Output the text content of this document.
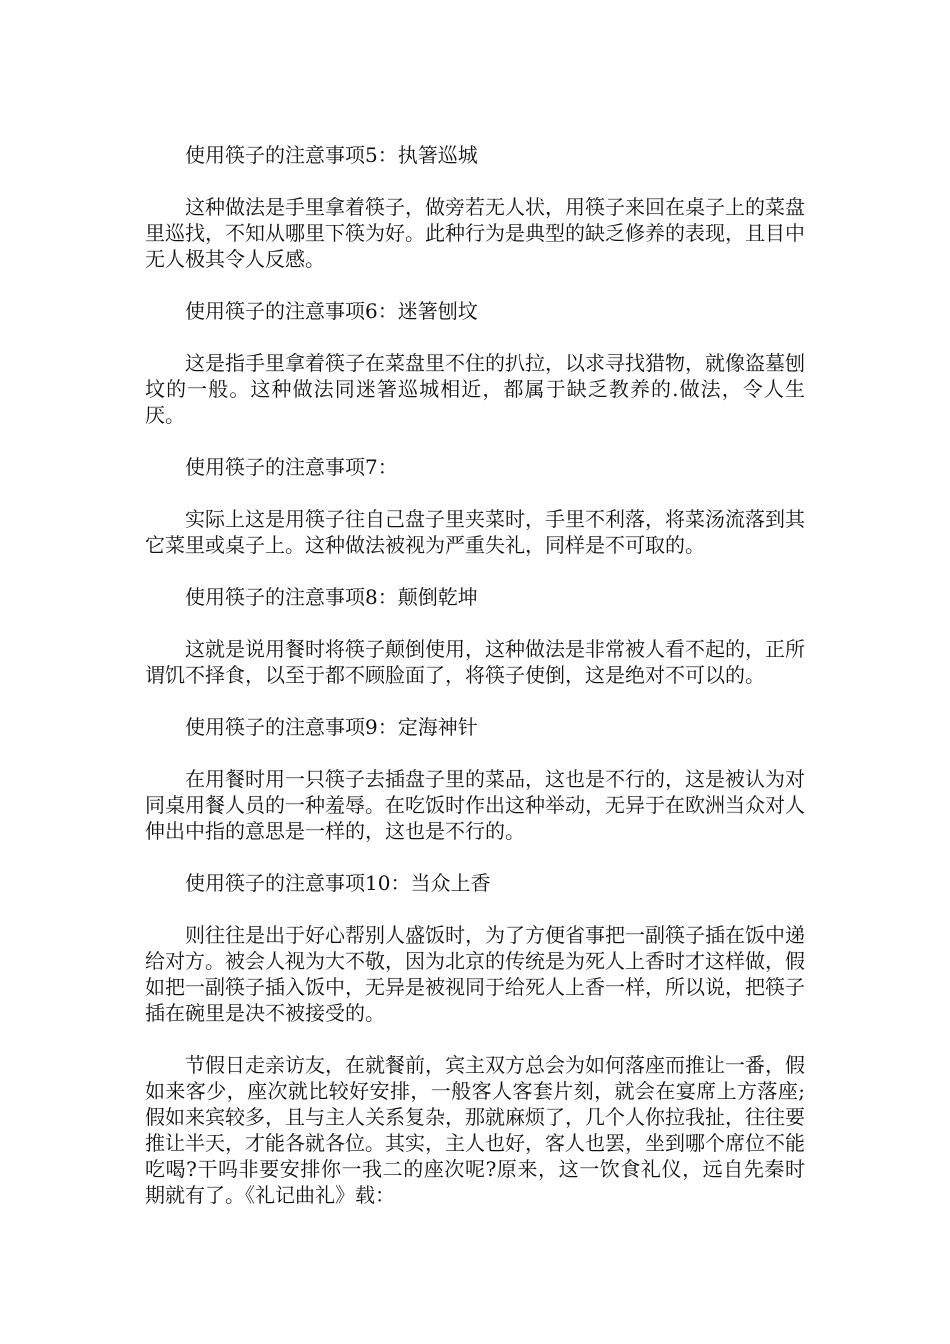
使用筷子的注意事项5：执箸巡城

这种做法是手里拿着筷子，做旁若无人状，用筷子来回在桌子上的菜盘里巡找，不知从哪里下筷为好。此种行为是典型的缺乏修养的表现，且目中无人极其令人反感。

使用筷子的注意事项6：迷箸刨坟

这是指手里拿着筷子在菜盘里不住的扒拉，以求寻找猎物，就像盗墓刨坟的一般。这种做法同迷箸巡城相近，都属于缺乏教养的.做法，令人生厌。

使用筷子的注意事项7：

实际上这是用筷子往自己盘子里夹菜时，手里不利落，将菜汤流落到其它菜里或桌子上。这种做法被视为严重失礼，同样是不可取的。

使用筷子的注意事项8：颠倒乾坤

这就是说用餐时将筷子颠倒使用，这种做法是非常被人看不起的，正所谓饥不择食，以至于都不顾脸面了，将筷子使倒，这是绝对不可以的。

使用筷子的注意事项9：定海神针

在用餐时用一只筷子去插盘子里的菜品，这也是不行的，这是被认为对同桌用餐人员的一种羞辱。在吃饭时作出这种举动，无异于在欧洲当众对人伸出中指的意思是一样的，这也是不行的。

使用筷子的注意事项10：当众上香

则往往是出于好心帮别人盛饭时，为了方便省事把一副筷子插在饭中递给对方。被会人视为大不敬，因为北京的传统是为死人上香时才这样做，假如把一副筷子插入饭中，无异是被视同于给死人上香一样，所以说，把筷子插在碗里是决不被接受的。

节假日走亲访友，在就餐前，宾主双方总会为如何落座而推让一番，假如来客少，座次就比较好安排，一般客人客套片刻，就会在宴席上方落座;假如来宾较多，且与主人关系复杂，那就麻烦了，几个人你拉我扯，往往要推让半天，才能各就各位。其实，主人也好，客人也罢，坐到哪个席位不能吃喝?干吗非要安排你一我二的座次呢?原来，这一饮食礼仪，远自先秦时期就有了。《礼记曲礼》载：
